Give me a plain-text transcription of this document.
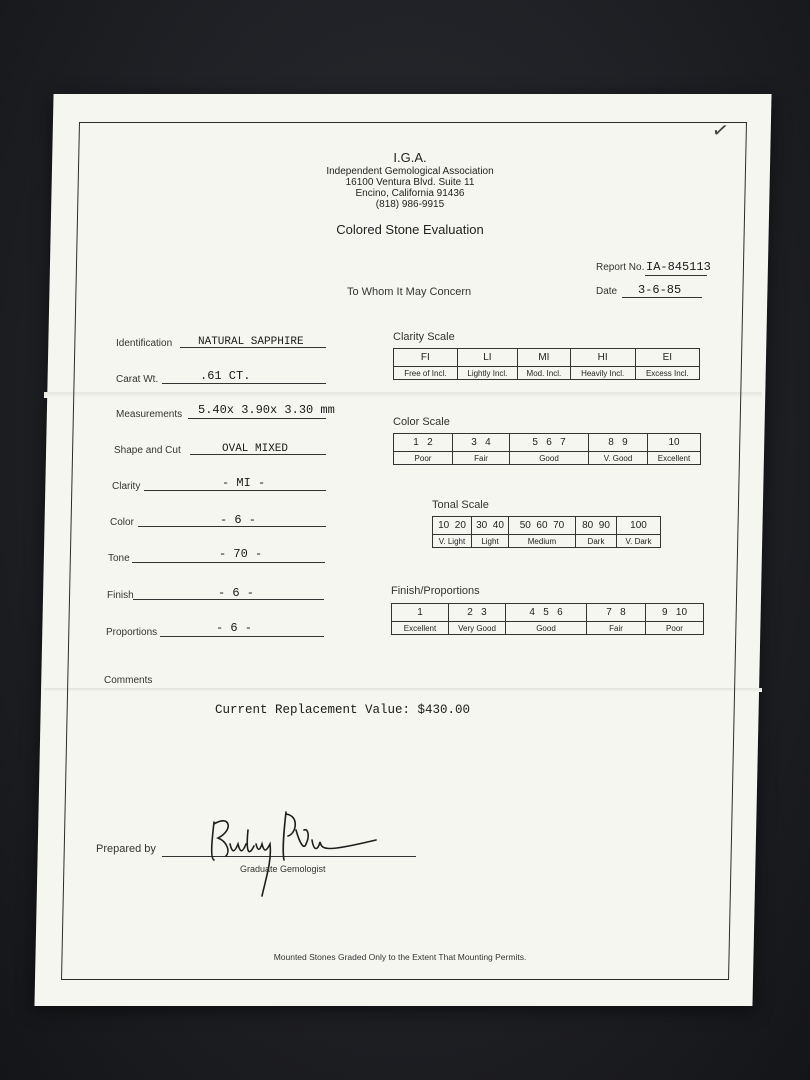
✓
I.G.A.
Independent Gemological Association
16100 Ventura Blvd. Suite 11
Encino, California 91436
(818) 986-9915
Colored Stone Evaluation
Report No. IA-845113
Date 3-6-85
To Whom It May Concern
Identification NATURAL SAPPHIRE
Carat Wt.	.61 CT.
Measurements 5.40x 3.90x 3.30 mm
Shape and Cut	OVAL MIXED
Clarity	- MI -
Color	- 6 -
Tone	- 70 -
Finish	- 6 -
Proportions	- 6 -
Clarity Scale
FI	LI	MI	HI	EI
Free of Incl.	Lightly Incl.	Mod. Incl.	Heavily Incl.	Excess Incl.
Color Scale
1   2	3   4	5   6   7	8   9	10
Poor	Fair	Good	V. Good	Excellent
Tonal Scale
10  20	30  40	50  60  70	80  90	100
V. Light	Light	Medium	Dark	V. Dark
Finish/Proportions
1	2   3	4   5   6	7   8	9   10
Excellent	Very Good	Good	Fair	Poor
Comments
Current Replacement Value: $430.00
Prepared by
Graduate Gemologist
Mounted Stones Graded Only to the Extent That Mounting Permits.
